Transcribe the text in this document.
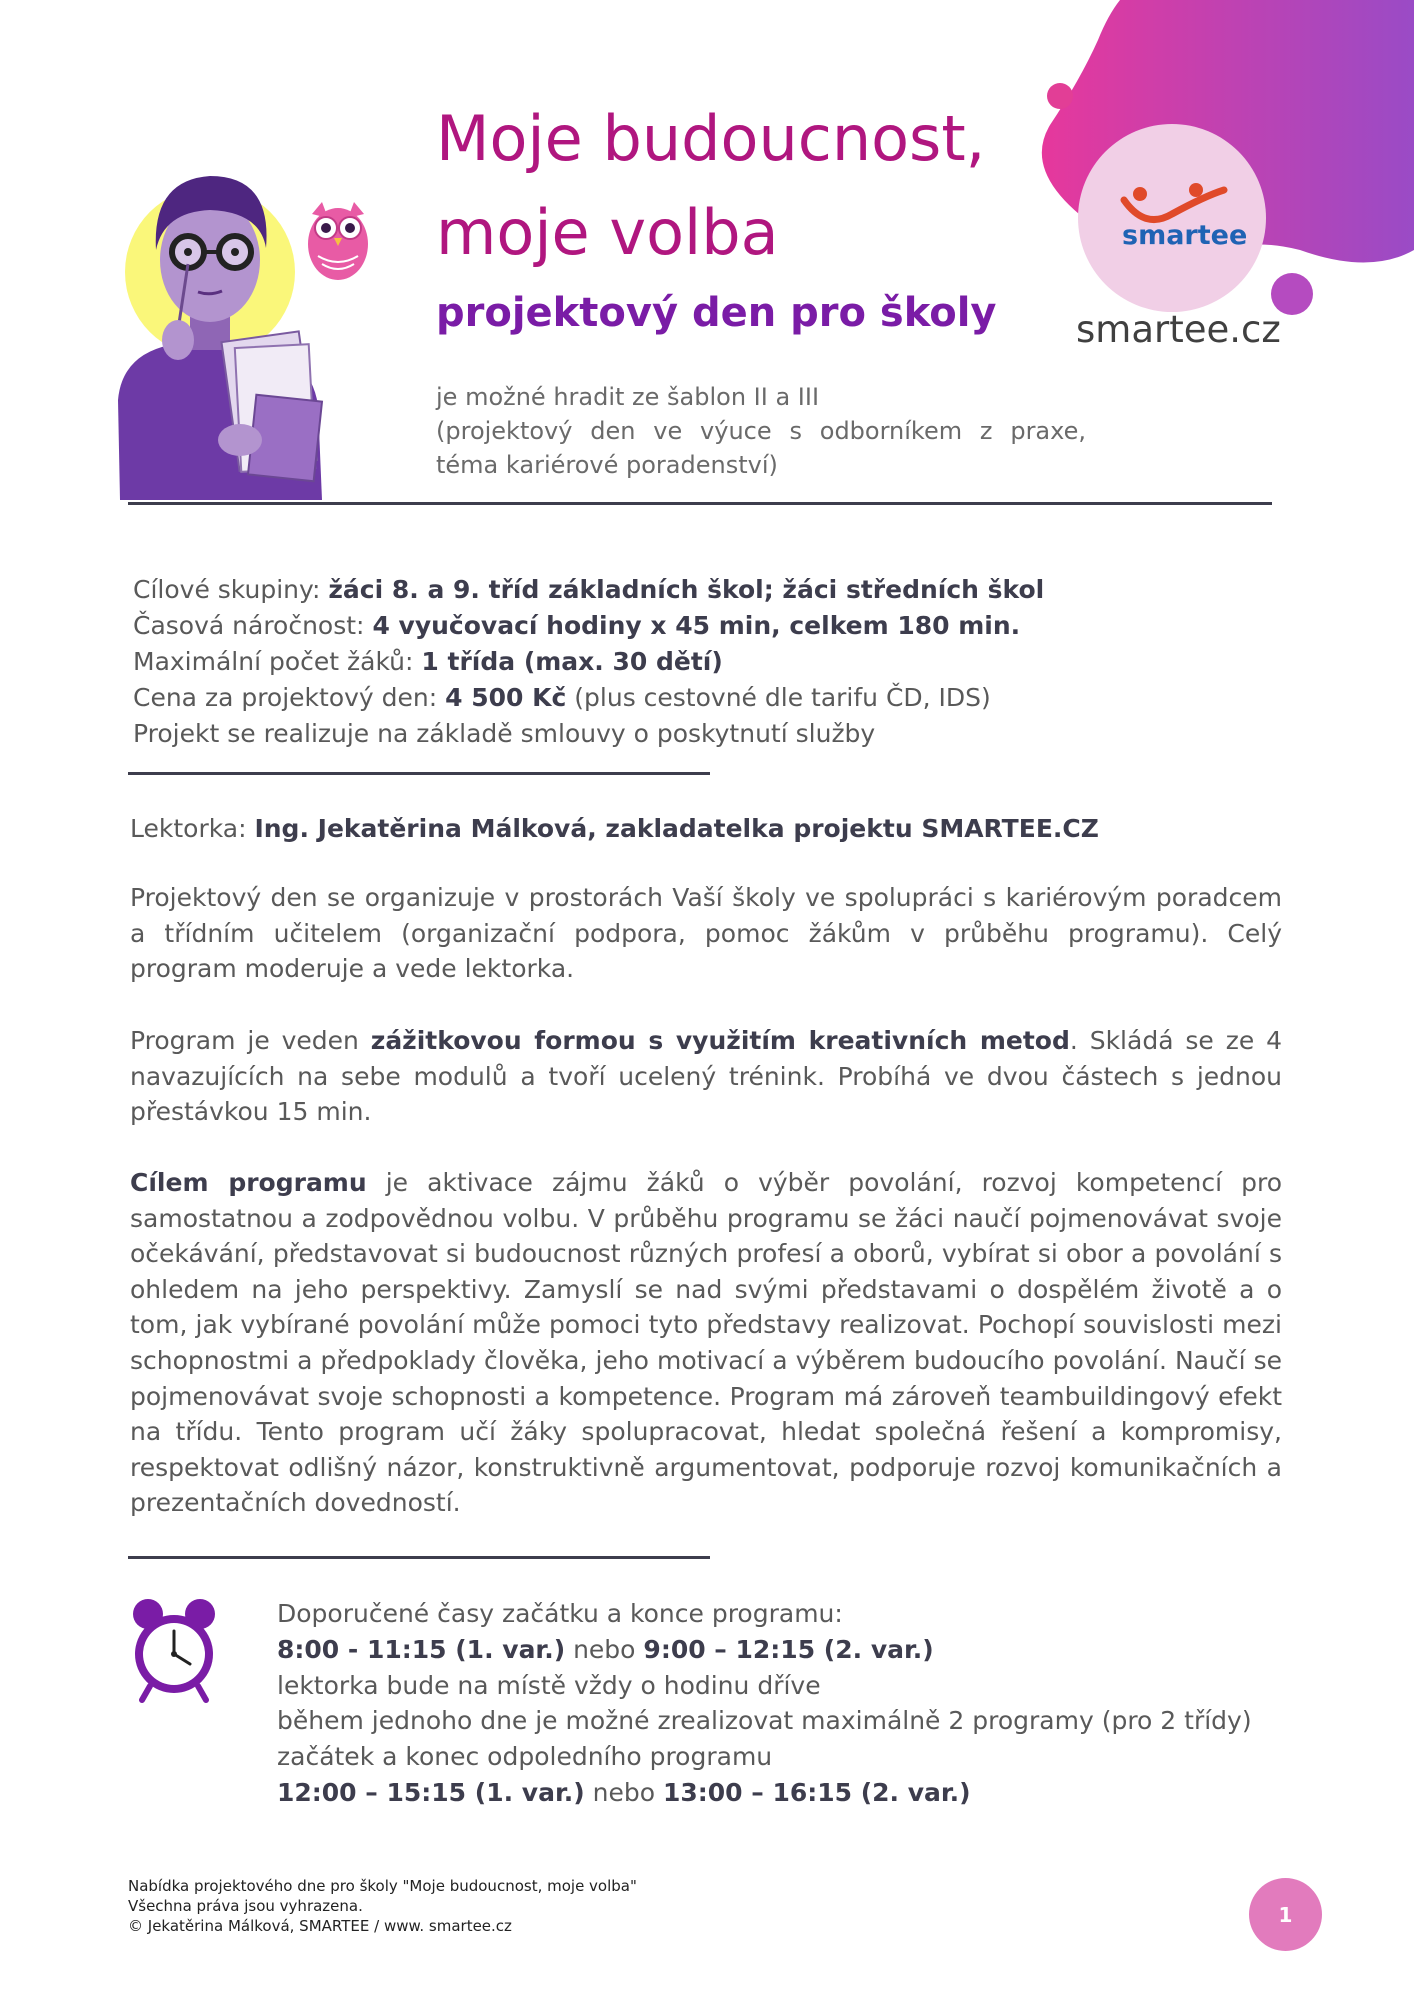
smartee
Moje budoucnost,
moje volba
projektový den pro školy smartee.cz
je možné hradit ze šablon II a III
(projektový den ve výuce s odborníkem z praxe,
téma kariérové poradenství)
Cílové skupiny: žáci 8. a 9. tříd základních škol; žáci středních škol
Časová náročnost: 4 vyučovací hodiny x 45 min, celkem 180 min.
Maximální počet žáků: 1 třída (max. 30 dětí)
Cena za projektový den: 4 500 Kč (plus cestovné dle tarifu ČD, IDS)
Projekt se realizuje na základě smlouvy o poskytnutí služby
Lektorka: Ing. Jekatěrina Málková, zakladatelka projektu SMARTEE.CZ

Projektový den se organizuje v prostorách Vaší školy ve spolupráci s kariérovým poradcem a třídním učitelem (organizační podpora, pomoc žákům v průběhu programu). Celý program moderuje a vede lektorka.

Program je veden zážitkovou formou s využitím kreativních metod. Skládá se ze 4 navazujících na sebe modulů a tvoří ucelený trénink. Probíhá ve dvou částech s jednou přestávkou 15 min.

Cílem programu je aktivace zájmu žáků o výběr povolání, rozvoj kompetencí pro samostatnou a zodpovědnou volbu. V průběhu programu se žáci naučí pojmenovávat svoje očekávání, představovat si budoucnost různých profesí a oborů, vybírat si obor a povolání s ohledem na jeho perspektivy. Zamyslí se nad svými představami o dospělém životě a o tom, jak vybírané povolání může pomoci tyto představy realizovat. Pochopí souvislosti mezi schopnostmi a předpoklady člověka, jeho motivací a výběrem budoucího povolání. Naučí se pojmenovávat svoje schopnosti a kompetence. Program má zároveň teambuildingový efekt na třídu. Tento program učí žáky spolupracovat, hledat společná řešení a kompromisy, respektovat odlišný názor, konstruktivně argumentovat, podporuje rozvoj komunikačních a prezentačních dovedností.

Doporučené časy začátku a konce programu:
8:00 - 11:15 (1. var.) nebo 9:00 – 12:15 (2. var.)
lektorka bude na místě vždy o hodinu dříve
během jednoho dne je možné zrealizovat maximálně 2 programy (pro 2 třídy)
začátek a konec odpoledního programu
12:00 – 15:15 (1. var.) nebo 13:00 – 16:15 (2. var.)
Nabídka projektového dne pro školy "Moje budoucnost, moje volba"
Všechna práva jsou vyhrazena.
© Jekatěrina Málková, SMARTEE / www. smartee.cz	1
